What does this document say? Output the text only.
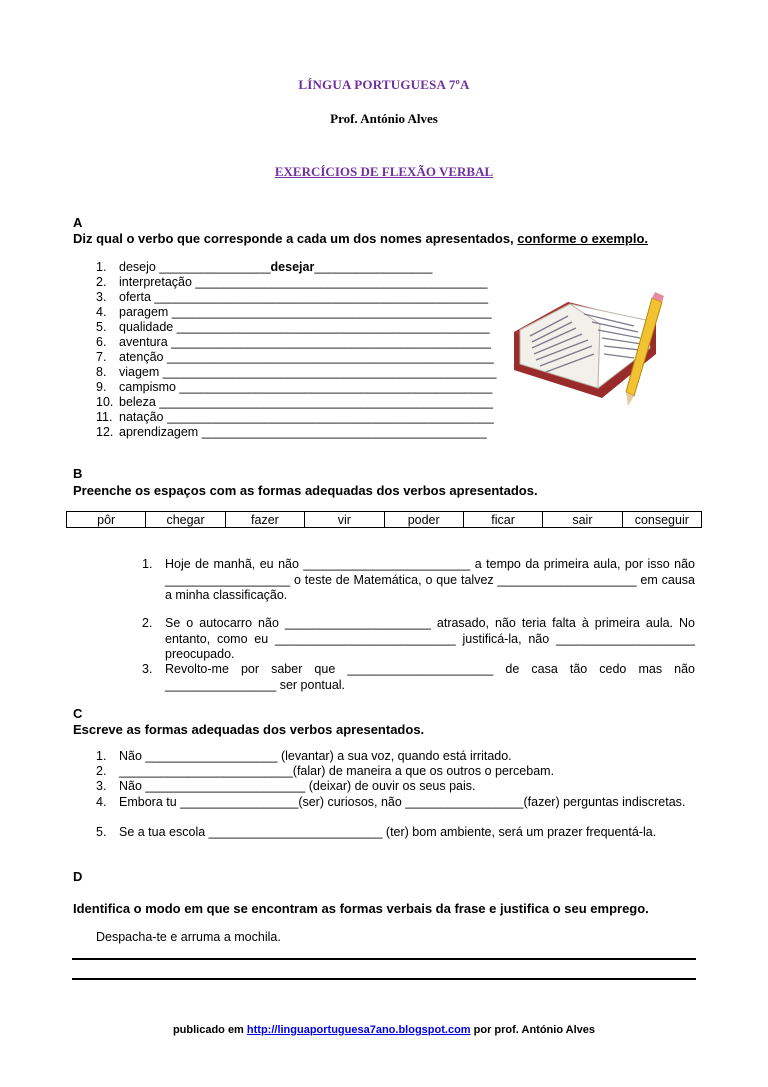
LÍNGUA PORTUGUESA 7ºA
Prof. António Alves
EXERCÍCIOS DE FLEXÃO VERBAL
A
Diz qual o verbo que corresponde a cada um dos nomes apresentados, conforme o exemplo.
1.	desejo ________________ desejar _________________
2.	interpretação __________________________________________
3.	oferta ________________________________________________
4.	paragem ______________________________________________
5.	qualidade _____________________________________________
6.	aventura ______________________________________________
7.	atenção _______________________________________________
8.	viagem ________________________________________________
9.	campismo _____________________________________________
10. beleza ________________________________________________
11. natação _______________________________________________
12. aprendizagem _________________________________________
B
Preenche os espaços com as formas adequadas dos verbos apresentados.
pôr	chegar	fazer	vir	poder	ficar	sair	conseguir
1. Hoje de manhã, eu não ________________________ a tempo da primeira aula, por isso não __________________ o teste de Matemática, o que talvez ____________________ em causa a minha classificação.
2. Se o autocarro não _____________________ atrasado, não teria falta à primeira aula. No entanto, como eu __________________________ justificá-la, não ____________________ preocupado.
3. Revolto-me por saber que _____________________ de casa tão cedo mas não ________________ ser pontual.
C
Escreve as formas adequadas dos verbos apresentados.
1. Não ___________________ (levantar) a sua voz, quando está irritado.
2. _________________________(falar) de maneira a que os outros o percebam.
3. Não _______________________ (deixar) de ouvir os seus pais.
4. Embora tu _________________(ser) curiosos, não _________________(fazer) perguntas indiscretas.
5. Se a tua escola _________________________ (ter) bom ambiente, será um prazer frequentá-la.
D
Identifica o modo em que se encontram as formas verbais da frase e justifica o seu emprego.
Despacha-te e arruma a mochila.
publicado em http://linguaportuguesa7ano.blogspot.com por prof. António Alves
